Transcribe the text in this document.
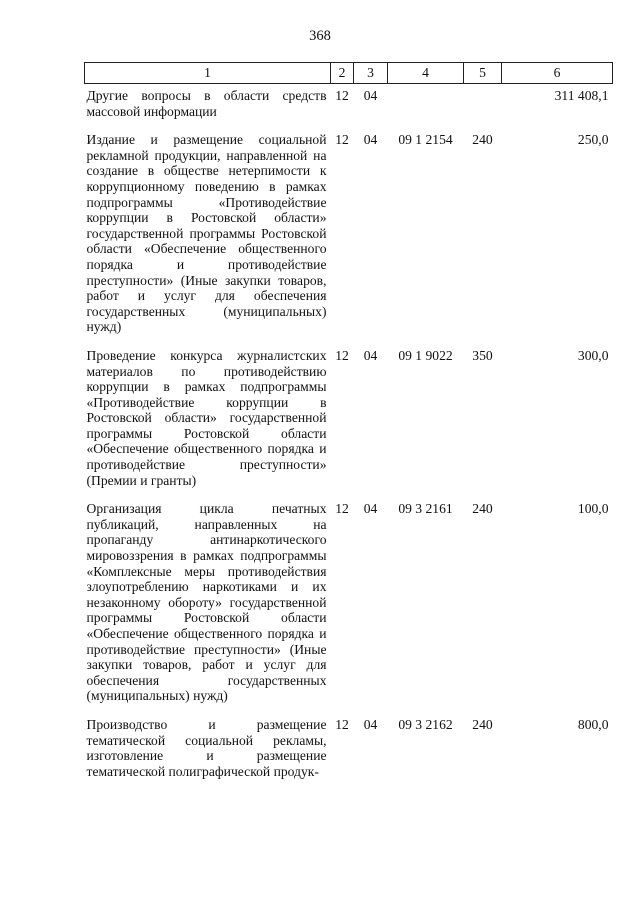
368
1	2	3	4	5	6
Другие вопросы в области средств массовой информации	12	04			311 408,1
Издание и размещение социальной рекламной продукции, направленной на создание в обществе нетерпимости к коррупционному поведению в рамках подпрограммы «Противодействие коррупции в Ростовской области» государственной программы Ростовской области «Обеспечение общественного порядка и противодействие преступности» (Иные закупки товаров, работ и услуг для обеспечения государственных (муниципальных) нужд)	12	04	09 1 2154	240	250,0
Проведение конкурса журналистских материалов по противодействию коррупции в рамках подпрограммы «Противодействие коррупции в Ростовской области» государственной программы Ростовской области «Обеспечение общественного порядка и противодействие преступности» (Премии и гранты)	12	04	09 1 9022	350	300,0
Организация цикла печатных публикаций, направленных на пропаганду антинаркотического мировоззрения в рамках подпрограммы «Комплексные меры противодействия злоупотреблению наркотиками и их незаконному обороту» государственной программы Ростовской области «Обеспечение общественного порядка и противодействие преступности» (Иные закупки товаров, работ и услуг для обеспечения государственных (муниципальных) нужд)	12	04	09 3 2161	240	100,0
Производство и размещение тематической социальной рекламы, изготовление и размещение тематической полиграфической продук-	12	04	09 3 2162	240	800,0
